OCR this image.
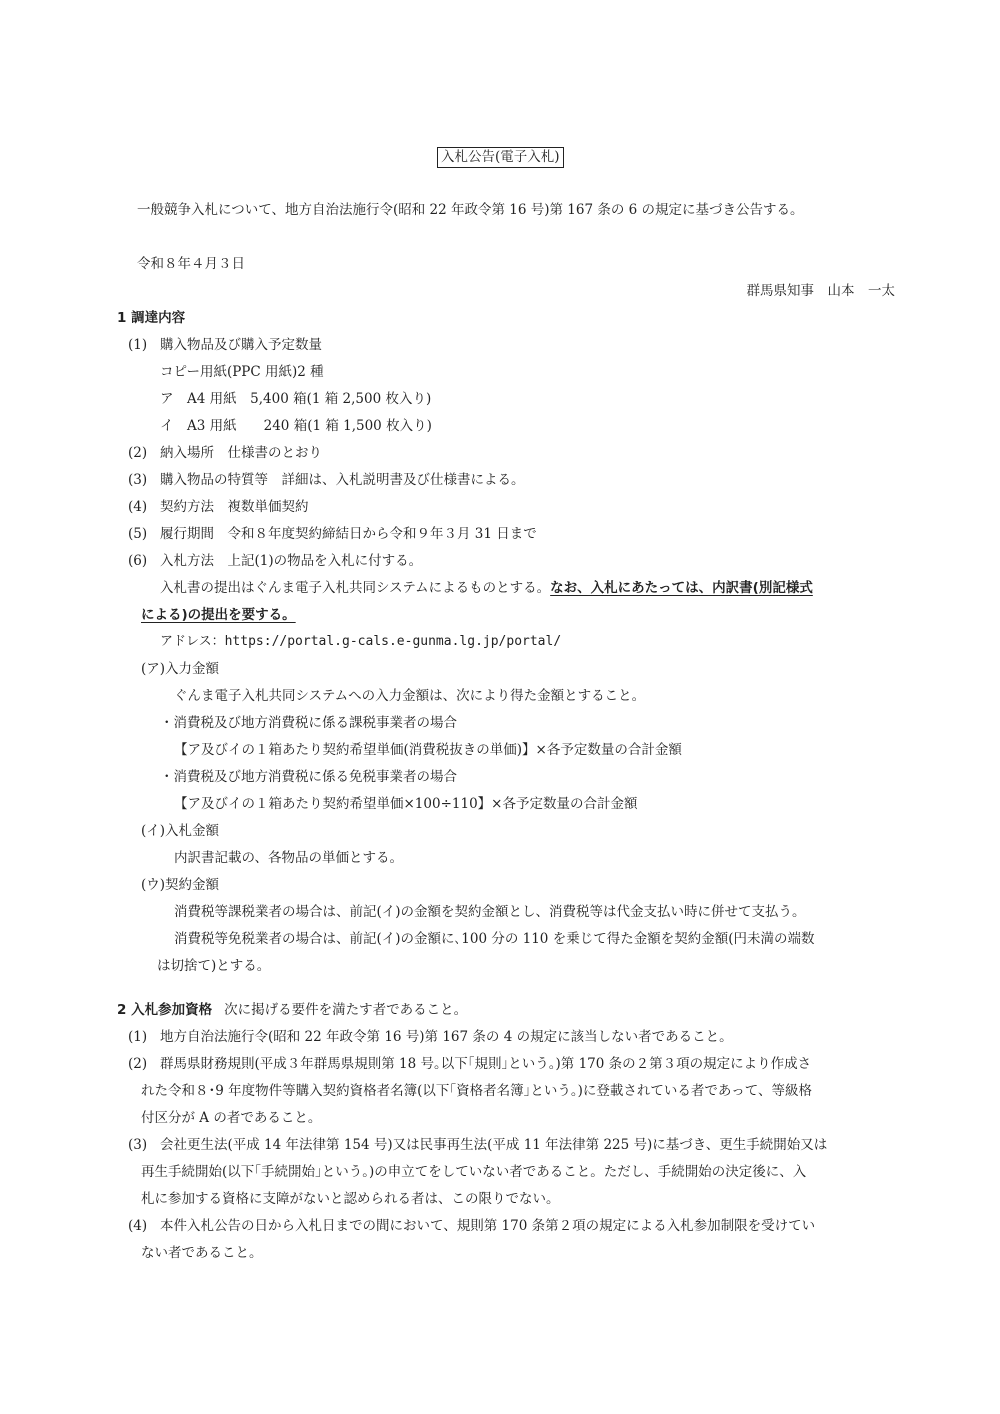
入札公告(電子入札)
一般競争入札について、地方自治法施行令(昭和 22 年政令第 16 号)第 167 条の 6 の規定に基づき公告する。
令和８年４月３日
群馬県知事　山本　一太
1 調達内容
(1) 購入物品及び購入予定数量
コピー用紙(PPC 用紙)2 種
ア　A4 用紙　5,400 箱(1 箱 2,500 枚入り)
イ　A3 用紙　　240 箱(1 箱 1,500 枚入り)
(2) 納入場所　仕様書のとおり
(3) 購入物品の特質等　詳細は、入札説明書及び仕様書による。
(4) 契約方法　複数単価契約
(5) 履行期間　令和８年度契約締結日から令和９年３月 31 日まで
(6) 入札方法　上記(1)の物品を入札に付する。
入札書の提出はぐんま電子入札共同システムによるものとする。なお、入札にあたっては、内訳書(別記様式
による)の提出を要する。
アドレス：https://portal.g-cals.e-gunma.lg.jp/portal/
(ア)入力金額
ぐんま電子入札共同システムへの入力金額は、次により得た金額とすること。
・消費税及び地方消費税に係る課税事業者の場合
【ア及びイの１箱あたり契約希望単価(消費税抜きの単価)】×各予定数量の合計金額
・消費税及び地方消費税に係る免税事業者の場合
【ア及びイの１箱あたり契約希望単価×100÷110】×各予定数量の合計金額
(イ)入札金額
内訳書記載の、各物品の単価とする。
(ウ)契約金額
消費税等課税業者の場合は、前記(イ)の金額を契約金額とし、消費税等は代金支払い時に併せて支払う。
消費税等免税業者の場合は、前記(イ)の金額に､100 分の 110 を乗じて得た金額を契約金額(円未満の端数
は切捨て)とする。
2 入札参加資格 次に掲げる要件を満たす者であること。
(1) 地方自治法施行令(昭和 22 年政令第 16 号)第 167 条の 4 の規定に該当しない者であること。
(2) 群馬県財務規則(平成３年群馬県規則第 18 号｡以下｢規則｣という｡)第 170 条の２第３項の規定により作成さ
れた令和８･9 年度物件等購入契約資格者名簿(以下｢資格者名簿｣という｡)に登載されている者であって、等級格
付区分が A の者であること。
(3) 会社更生法(平成 14 年法律第 154 号)又は民事再生法(平成 11 年法律第 225 号)に基づき、更生手続開始又は
再生手続開始(以下｢手続開始｣という｡)の申立てをしていない者であること。ただし、手続開始の決定後に、入
札に参加する資格に支障がないと認められる者は、この限りでない。
(4) 本件入札公告の日から入札日までの間において、規則第 170 条第２項の規定による入札参加制限を受けてい
ない者であること。
